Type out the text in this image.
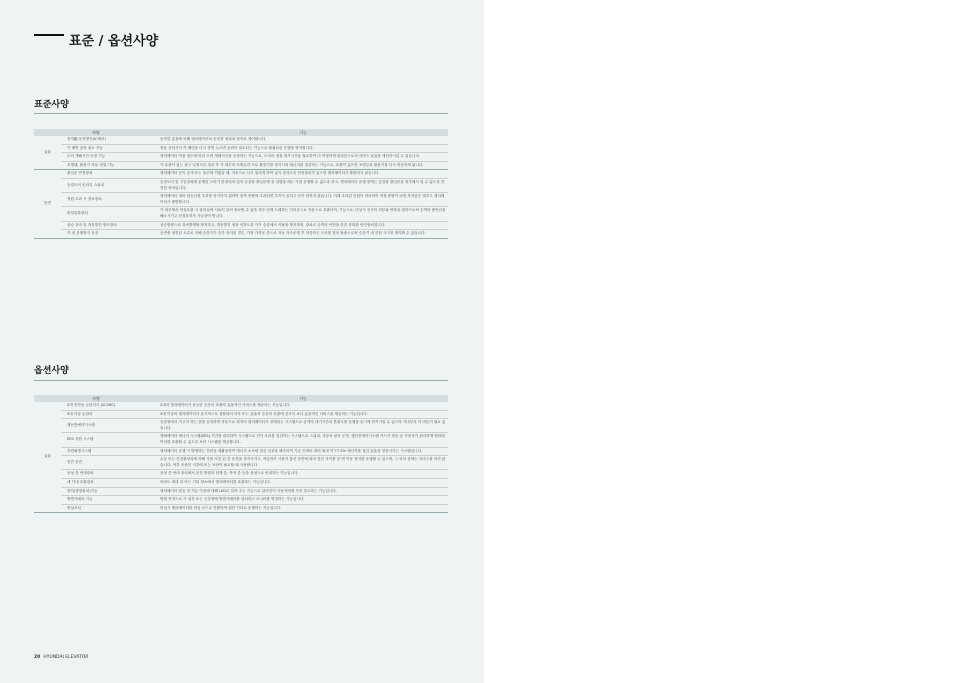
표준 / 옵션사양
표준사양
사양		기능
효율	전자動 운전방식(IC제어)	동력한 효율에 의해 엘리베이터의 운전과 정위치 정지로 제어합니다.
	카 배면 응력 취소 기능	장동 응력시키 카 배면을 다시 중면 누르면 응력이 취소되는 기능으로 불필요한 운행을 방지합니다.
	도어 개폐시간 조정 기능	엘리베이터 이용 정도에 따라 도어 개폐시간을 조정하는 기능으로, 도어의 정점 대기시간을 철로하여 더 적정하게 편리한으로서 서비스 효율을 개선하시킬 수 있습니다.
	조명팬, 환풍기 자동 점멸 기능	카 호출이 없는 상구 일정시간 경과 후 카 내부의 조명등과 프로 환풍기를 정지시켜 에너지를 절감하는 기능으로, 호출이 있으면 조명등과 환풍기를 다시 작동하게 됩니다.
안전	출입문 안전장치	엘리베이터 문이 승객 또는 물건에 끼였을 때, 자동으로 다시 열리게 하여 있지 못하도록 안전장치가 있으면 엘리베이터가 출발하지 않습니다.
	승강도어 인터록 스위치	승강도어 및 구동장치에 문제된 도어가 안정되어 열지 승강장 출입문에 잘 얼렸을 때는 카를 운행할 수 없도록 하고, 엘리베이터 운행 중에는 승강장 출입문을 외부에서 열 수 없도록 안전한 장치입니다.
	정원 초과 시 경보장치	엘리베이터 내의 탑승인원 초과를 자기하기 위하여 정격 중량에 초과되면 부저가 울리고 문이 닫히지 않습니다. 이때 초과된 인원이 하차하여 적정 중량이 되면 부저음은 멈추고 엘리베이터가 출발합니다.
	비상통화장치	카 내부에서 비상호출 시 관리실에 서둘러 알려 정보할 수 있을 경우 언제 도래하는 인터폰으로 자동으로 호출하여, 기능으로, 비상시 신속히 외부와 연락을 취하므로써 승객의 불안감을 해소시키고 신경표지가 가능하여 합니다.
	상승 과속 및 개문발진 방지장치	상승방향으로 과속발생할 방지하고, 개문발진 정을 인하도록 카가 승강에서 이탈을 방지하며, 장치로 승객의 안전을 한층 강화한 안전장치입니다.
	카 내 갇힘방지 운전	운전중 정전된 오류로 인해 승강기가 층간 정지된 경우, 가장 가까운 층으로 자동 저속운행 후 착층하고 도어를 열어 탈출으로써 승강기 내 갇힘 사고를 방지할 수 있습니다.
옵션사양
사양		기능
효율	2대 전자동 군관리식 (2C2BC)	2대의 엘리베이터가 동등한 승강의 호출에 효율적인 서비스를 제공하는 기능입니다.
	3대 이상 군관리	3대 이상의 엘리베이터가 유기적으로 결합되어 하우 또는 효율적 승강의 호출에 신속히 보다 효율적인 서비스를 제공하는 기능입니다.
	행선층예약시스템	승강장에서 가고자 하는 층을 등록하면 자동으로 최적의 엘리베이터가 선택되는 시스템으로 승객의 대기시간과 혼잡도를 운행을 동시에 만족시킬 수 있으며 카내부의 각 버튼이 필요 없습니다.
	EES 지원 시스템	엘레베이터 에너지 시스템(EES) 기기를 관리하여 시스템으로 전기 모터를 점검하는 시스템으로 스위치, 자동차 판독 운영, 행선층예약시스템 카드키 연동 등 사용자가 편리하게 엘리베이터를 호출할 수 있도록 보안 시스템을 제공합니다.
	전력회생시스템	엘리베이터 운행 시 발생하는 전력을 재활용하여 에너지 소모량 절감 일상을 배속하여 기존 인버터 대비 최대 약 77.5% 에너지를 절감 효율을 향상시키는 시스템입니다.
	층간 운전	수동 또는 층검출장치에 의해 카를 사전 된 층 운전을 정지시키고, 작업자가 사용자 통신 문안에 따라 층간 사이를 한 번 이동 정지를 운행할 수 있으며, 그 외의 층에는 서비스를 하지 않습니다. 야간 조용한 시간에 또는 보안이 필요할 때 사용합니다.
	음성 층 안내장치	음성 층 안내 장치에서 운전 방향과 현재 층, 목적 층 등을 음성으로 안내하는 기능입니다.
	새 이내 호출장치	아파트 세대 내 또는 기타 장소에서 엘리베이터를 호출하는 기능입니다.
	양다(발광장치)기능	엘리베이터 탑승 전 기능 이상에 대해 LED로 알려 주는 기능으로 관리인이 사용자에게 사전 경고하는 기능입니다.
	방범카메라 기능	방범 목적으로 카 내부 또는 승강장에 방범카메라를 설치하고 모니터를 연결하는 기능입니다.
	비상조치	비상시 엘리베이터를 비상 모드로 전환하여 최단 거리로 운행하는 기능입니다.
20 HYUNDAI ELEVATOR
